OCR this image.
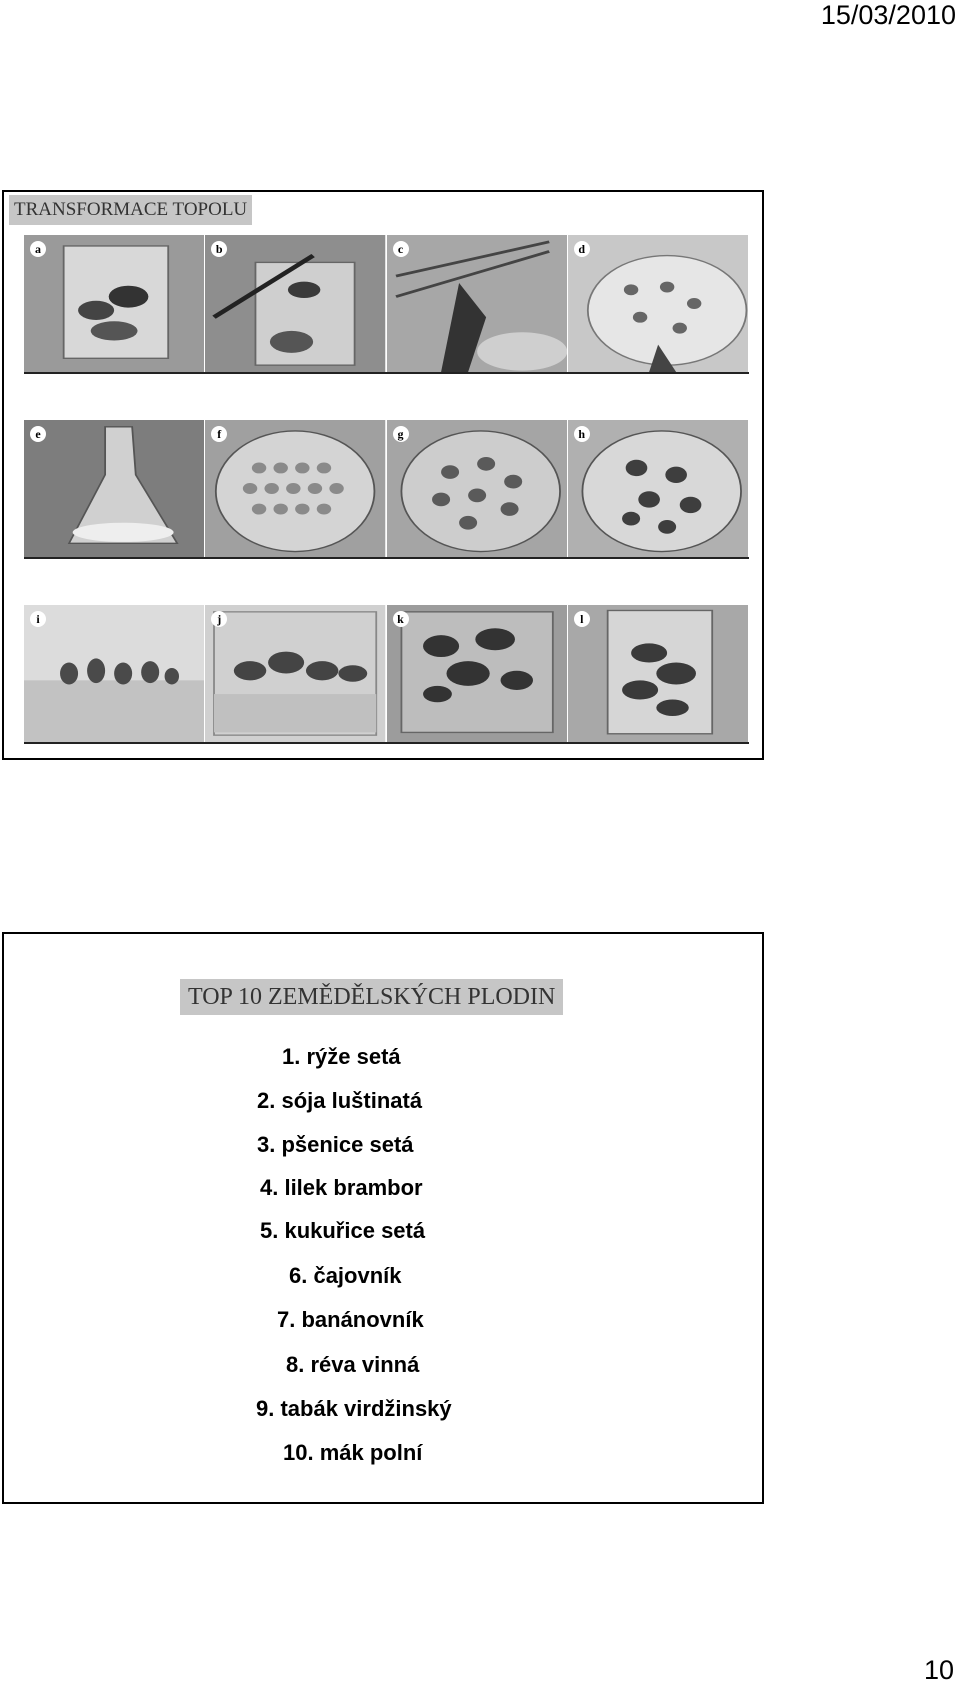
15/03/2010
TRANSFORMACE TOPOLU
a	b	c	d
e	f	g	h
i	j	k	l
TOP 10 ZEMĚDĚLSKÝCH PLODIN
1. rýže setá
2. sója luštinatá
3. pšenice setá
4. lilek brambor
5. kukuřice setá
6. čajovník
7. banánovník
8. réva vinná
9. tabák virdžinský
10. mák polní
10
